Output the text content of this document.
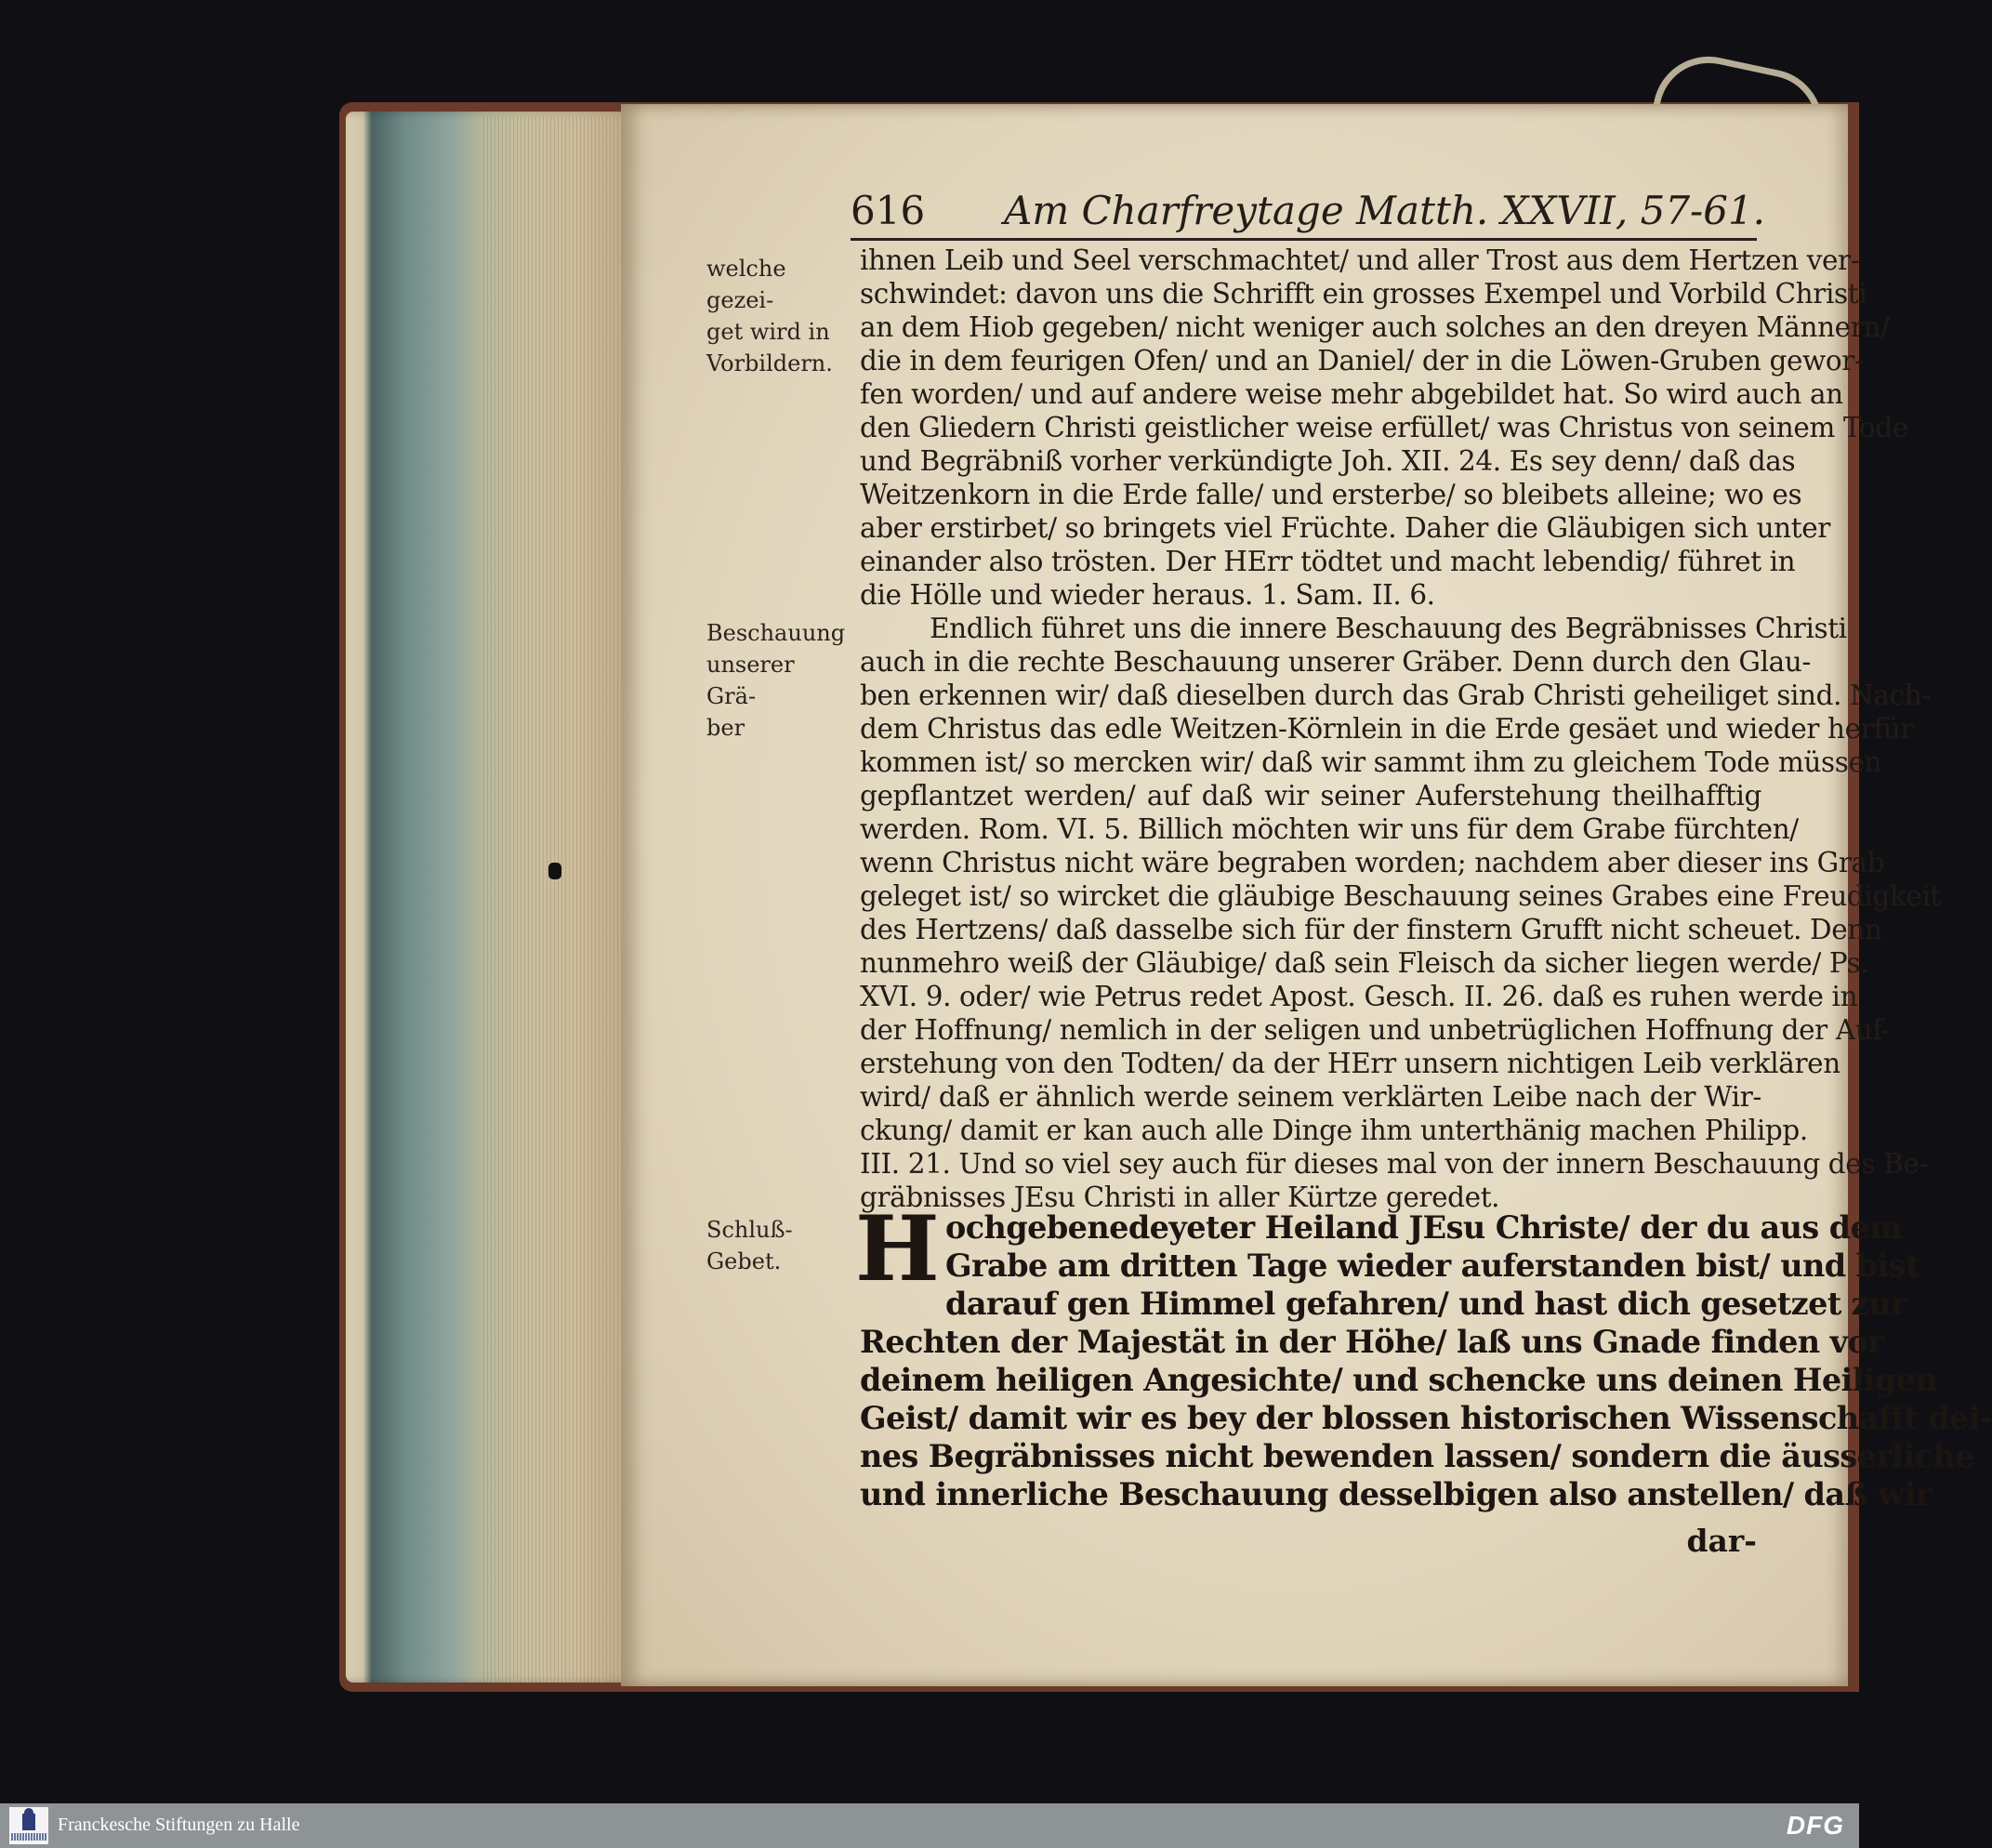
616 Am Charfreytage Matth. XXVII, 57-61.
welche gezei-
get wird in
Vorbildern.
Beschauung
unserer Grä-
ber
Schluß-
Gebet.
ihnen Leib und Seel verschmachtet/ und aller Trost aus dem Hertzen ver-
schwindet: davon uns die Schrifft ein grosses Exempel und Vorbild Christi
an dem Hiob gegeben/ nicht weniger auch solches an den dreyen Männern/
die in dem feurigen Ofen/ und an Daniel/ der in die Löwen-Gruben gewor-
fen worden/ und auf andere weise mehr abgebildet hat. So wird auch an
den Gliedern Christi geistlicher weise erfüllet/ was Christus von seinem Tode
und Begräbniß vorher verkündigte Joh. XII. 24. Es sey denn/ daß das
Weitzenkorn in die Erde falle/ und ersterbe/ so bleibets alleine; wo es
aber erstirbet/ so bringets viel Früchte. Daher die Gläubigen sich unter
einander also trösten. Der HErr tödtet und macht lebendig/ führet in
die Hölle und wieder heraus. 1. Sam. II. 6.
Endlich führet uns die innere Beschauung des Begräbnisses Christi
auch in die rechte Beschauung unserer Gräber. Denn durch den Glau-
ben erkennen wir/ daß dieselben durch das Grab Christi geheiliget sind. Nach-
dem Christus das edle Weitzen-Körnlein in die Erde gesäet und wieder herfür
kommen ist/ so mercken wir/ daß wir sammt ihm zu gleichem Tode müssen
gepflantzet werden/ auf daß wir seiner Auferstehung theilhafftig
werden. Rom. VI. 5. Billich möchten wir uns für dem Grabe fürchten/
wenn Christus nicht wäre begraben worden; nachdem aber dieser ins Grab
geleget ist/ so wircket die gläubige Beschauung seines Grabes eine Freudigkeit
des Hertzens/ daß dasselbe sich für der finstern Grufft nicht scheuet. Denn
nunmehro weiß der Gläubige/ daß sein Fleisch da sicher liegen werde/ Ps.
XVI. 9. oder/ wie Petrus redet Apost. Gesch. II. 26. daß es ruhen werde in
der Hoffnung/ nemlich in der seligen und unbetrüglichen Hoffnung der Auf-
erstehung von den Todten/ da der HErr unsern nichtigen Leib verklären
wird/ daß er ähnlich werde seinem verklärten Leibe nach der Wir-
ckung/ damit er kan auch alle Dinge ihm unterthänig machen Philipp.
III. 21. Und so viel sey auch für dieses mal von der innern Beschauung des Be-
gräbnisses JEsu Christi in aller Kürtze geredet.
H ochgebenedeyeter Heiland JEsu Christe/ der du aus dem
Grabe am dritten Tage wieder auferstanden bist/ und bist
darauf gen Himmel gefahren/ und hast dich gesetzet zur
Rechten der Majestät in der Höhe/ laß uns Gnade finden vor
deinem heiligen Angesichte/ und schencke uns deinen Heiligen
Geist/ damit wir es bey der blossen historischen Wissenschafft dei-
nes Begräbnisses nicht bewenden lassen/ sondern die äusserliche
und innerliche Beschauung desselbigen also anstellen/ daß wir
dar-
Franckesche Stiftungen zu Halle	DFG
